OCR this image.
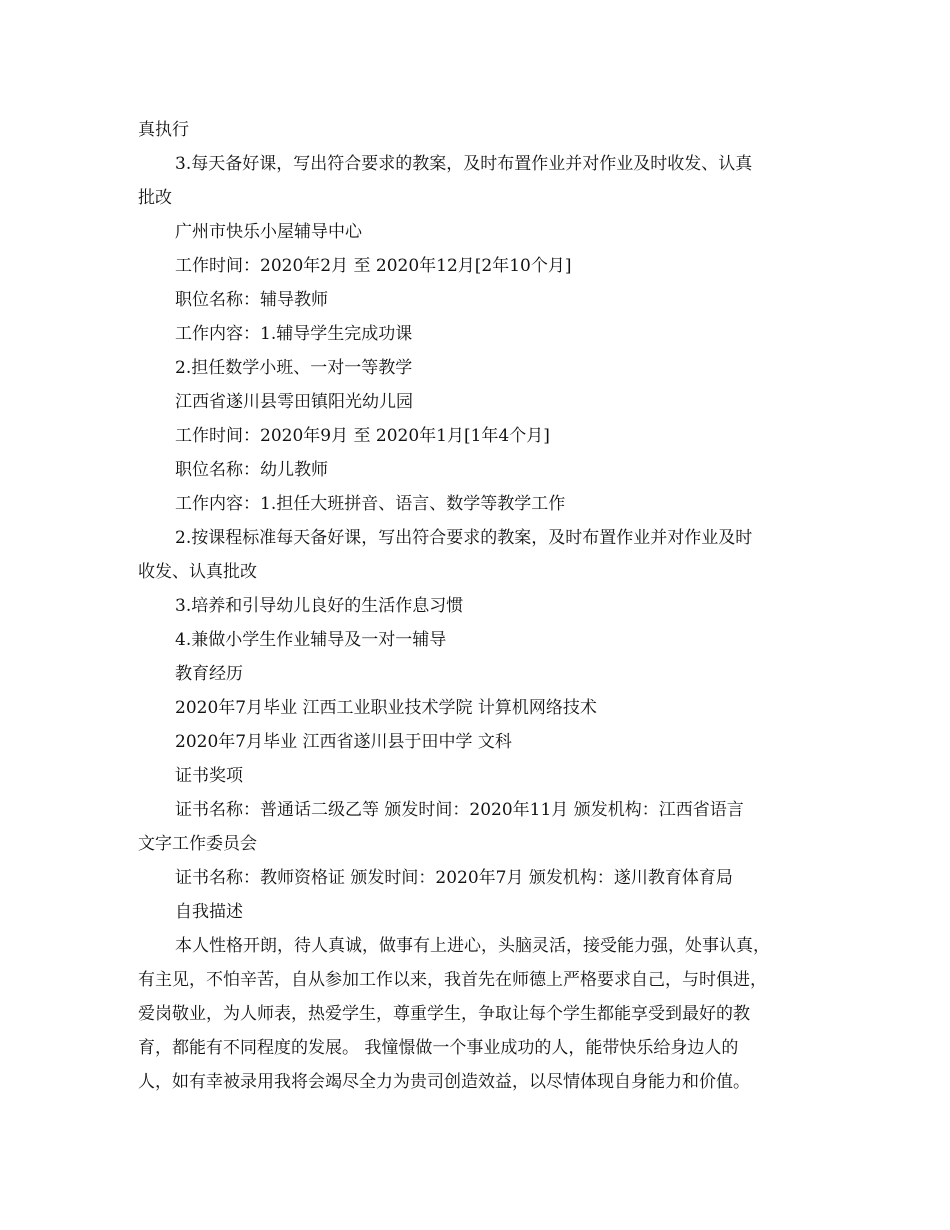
真执行

3.每天备好课，写出符合要求的教案，及时布置作业并对作业及时收发、认真

批改

广州市快乐小屋辅导中心

工作时间：2020年2月 至 2020年12月[2年10个月]

职位名称：辅导教师

工作内容：1.辅导学生完成功课

2.担任数学小班、一对一等教学

江西省遂川县雩田镇阳光幼儿园

工作时间：2020年9月 至 2020年1月[1年4个月]

职位名称：幼儿教师

工作内容：1.担任大班拼音、语言、数学等教学工作

2.按课程标准每天备好课，写出符合要求的教案，及时布置作业并对作业及时

收发、认真批改

3.培养和引导幼儿良好的生活作息习惯

4.兼做小学生作业辅导及一对一辅导

教育经历

2020年7月毕业 江西工业职业技术学院 计算机网络技术

2020年7月毕业 江西省遂川县于田中学 文科

证书奖项

证书名称：普通话二级乙等 颁发时间：2020年11月 颁发机构：江西省语言

文字工作委员会

证书名称：教师资格证 颁发时间：2020年7月 颁发机构：遂川教育体育局

自我描述

本人性格开朗，待人真诚，做事有上进心，头脑灵活，接受能力强，处事认真，

有主见，不怕辛苦，自从参加工作以来，我首先在师德上严格要求自己，与时俱进，

爱岗敬业，为人师表，热爱学生，尊重学生，争取让每个学生都能享受到最好的教

育，都能有不同程度的发展。 我憧憬做一个事业成功的人，能带快乐给身边人的

人，如有幸被录用我将会竭尽全力为贵司创造效益，以尽情体现自身能力和价值。
